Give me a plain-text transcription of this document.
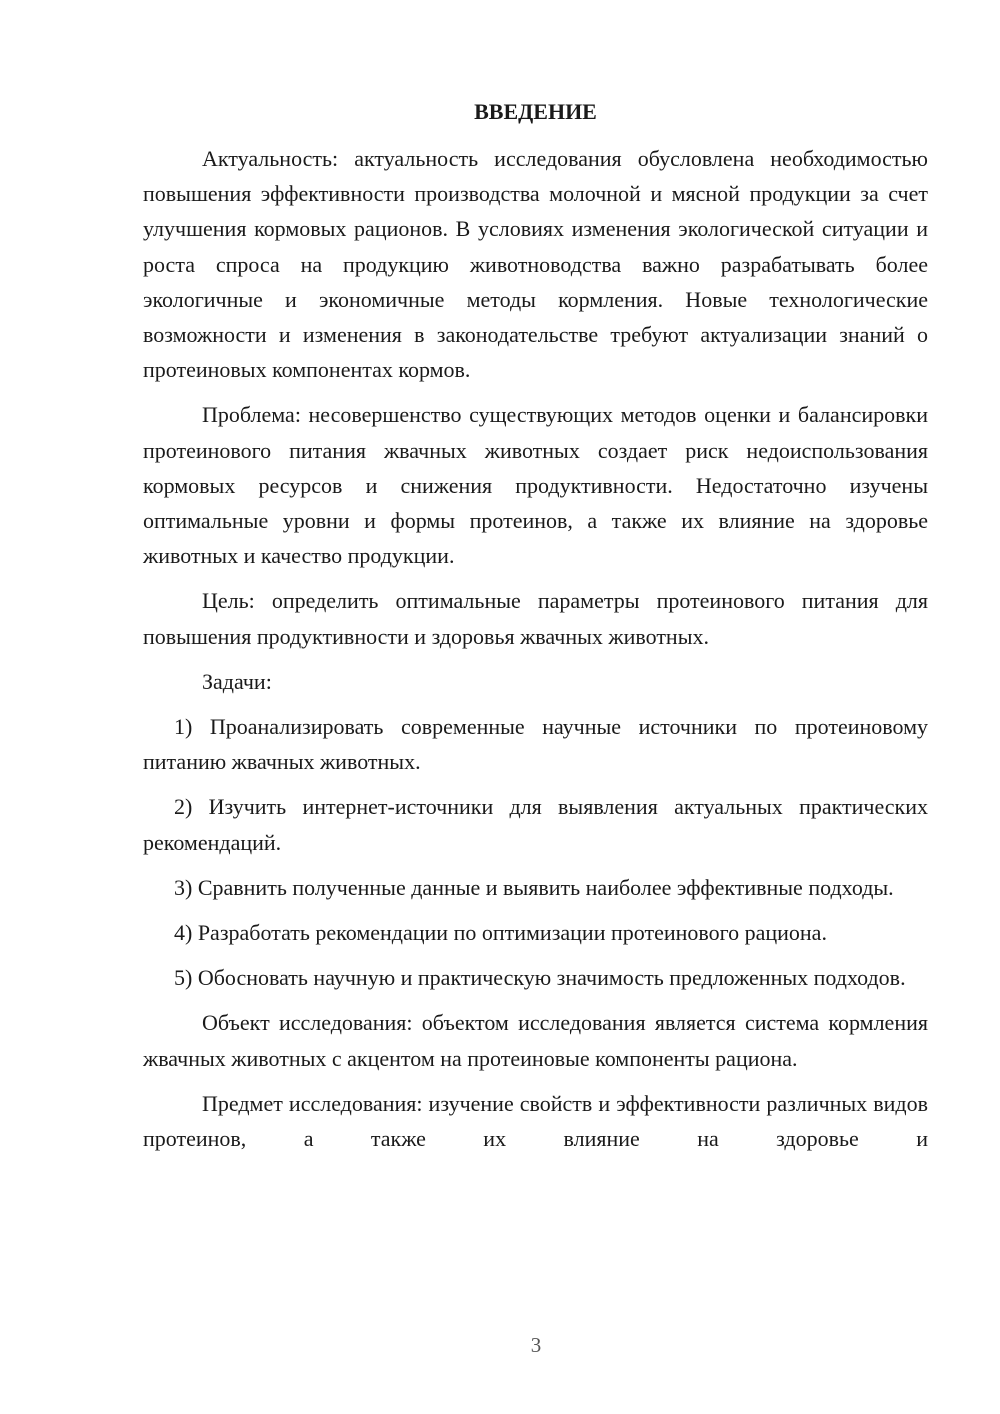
ВВЕДЕНИЕ

Актуальность: актуальность исследования обусловлена необходимостью повышения эффективности производства молочной и мясной продукции за счет улучшения кормовых рационов. В условиях изменения экологической ситуации и роста спроса на продукцию животноводства важно разрабатывать более экологичные и экономичные методы кормления. Новые технологические возможности и изменения в законодательстве требуют актуализации знаний о протеиновых компонентах кормов.

Проблема: несовершенство существующих методов оценки и балансировки протеинового питания жвачных животных создает риск недоиспользования кормовых ресурсов и снижения продуктивности. Недостаточно изучены оптимальные уровни и формы протеинов, а также их влияние на здоровье животных и качество продукции.

Цель: определить оптимальные параметры протеинового питания для повышения продуктивности и здоровья жвачных животных.

Задачи:

1) Проанализировать современные научные источники по протеиновому питанию жвачных животных.

2) Изучить интернет-источники для выявления актуальных практических рекомендаций.

3) Сравнить полученные данные и выявить наиболее эффективные подходы.

4) Разработать рекомендации по оптимизации протеинового рациона.

5) Обосновать научную и практическую значимость предложенных подходов.

Объект исследования: объектом исследования является система кормления жвачных животных с акцентом на протеиновые компоненты рациона.

Предмет исследования: изучение свойств и эффективности различных видов протеинов, а также их влияние на здоровье и

3
